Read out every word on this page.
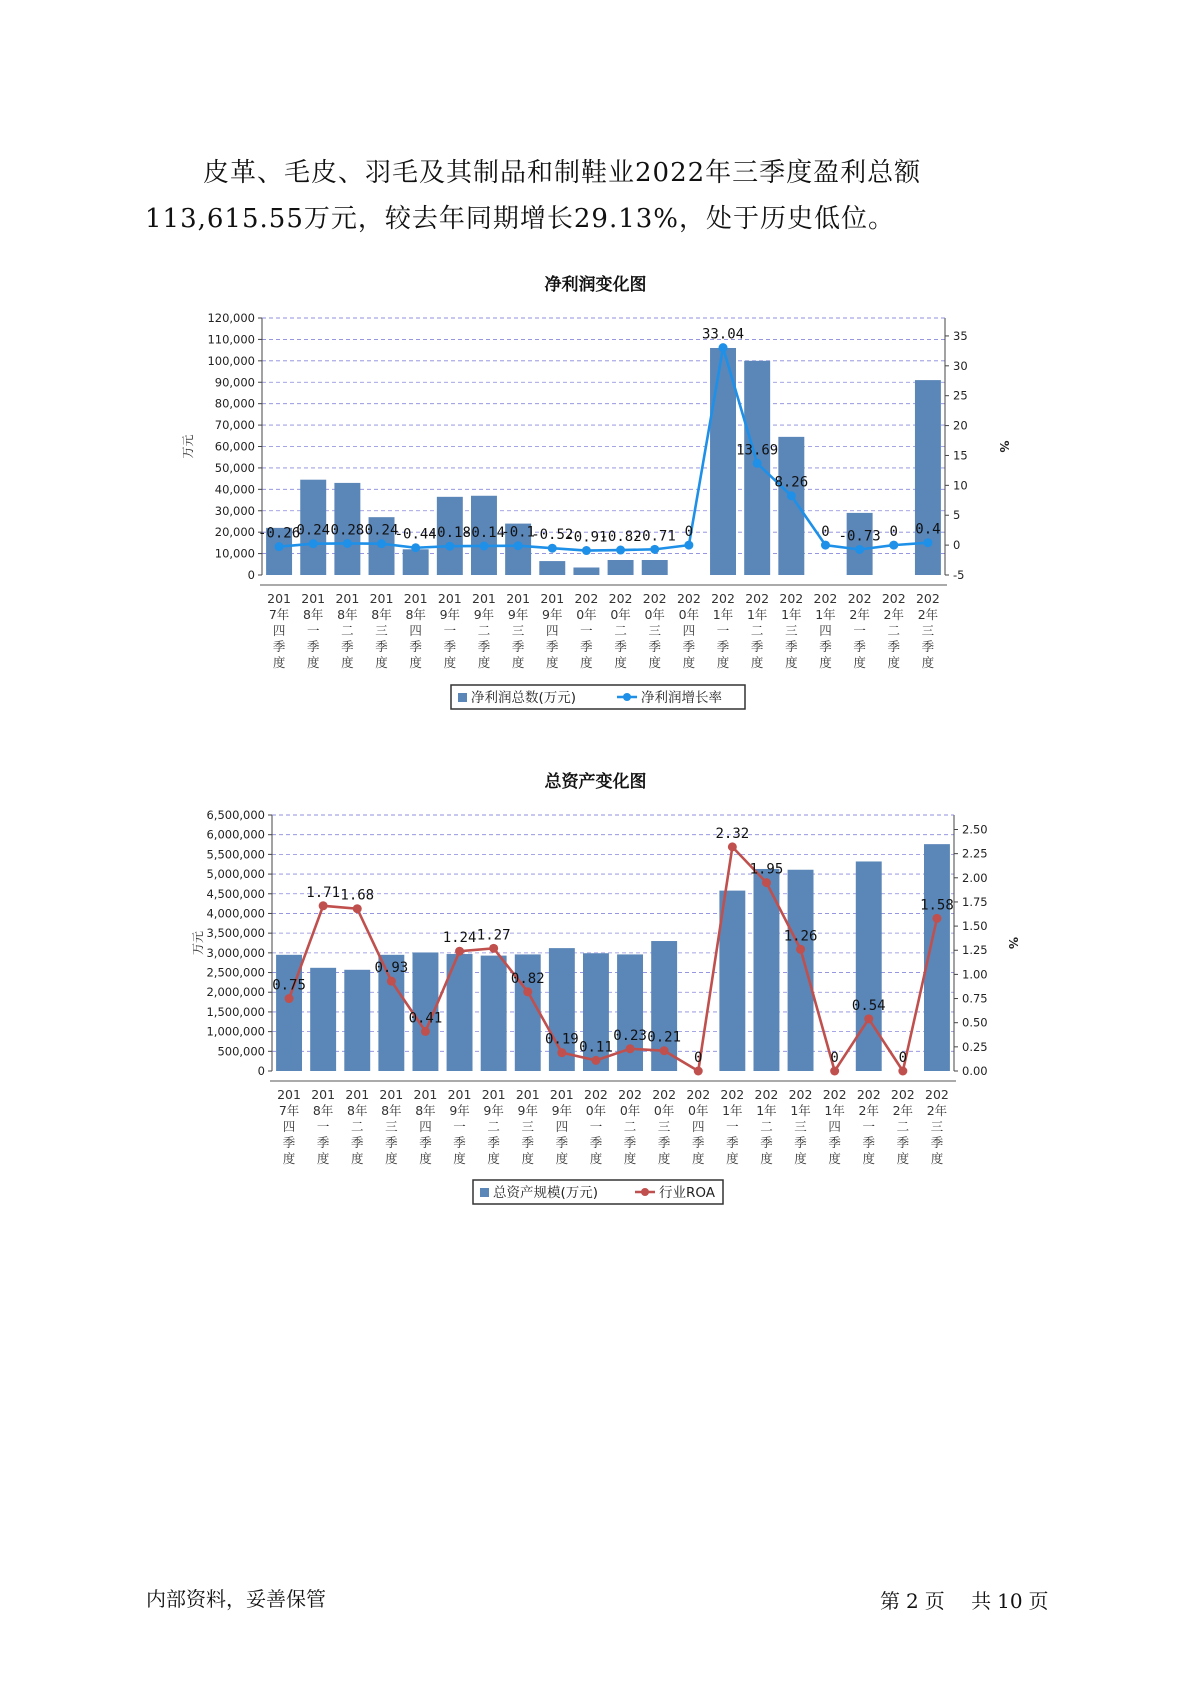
皮革、毛皮、羽毛及其制品和制鞋业2022年三季度盈利总额113,615.55万元，较去年同期增长29.13%，处于历史低位。

净利润变化图
0
10,000
20,000
30,000
40,000
50,000
60,000
70,000
80,000
90,000
100,000
110,000
120,000
-5
0
5
10
15
20
25
30
35
万元	%
201
7年
四
季
度
201
8年
一
季
度
201
8年
二
季
度
201
8年
三
季
度
201
8年
四
季
度
201
9年
一
季
度
201
9年
二
季
度
201
9年
三
季
度
201
9年
四
季
度
202
0年
一
季
度
202
0年
二
季
度
202
0年
三
季
度
202
0年
四
季
度
202
1年
一
季
度
202
1年
二
季
度
202
1年
三
季
度
202
1年
四
季
度
202
2年
一
季
度
202
2年
二
季
度
202
2年
三
季
度
-0.26
0.24 0.28 0.24
-0.44
-0.18
-0.14
-0.1
-0.52
-0.91
-0.82
-0.71 0
33.04
13.69
8.26
0 -0.73 0 0.4
净利润总数(万元)	净利润增长率
总资产变化图
0
500,000
1,000,000
1,500,000
2,000,000
2,500,000
3,000,000
3,500,000
4,000,000
4,500,000
5,000,000
5,500,000
6,000,000
6,500,000
0.00
0.25
0.50
0.75
1.00
1.25
1.50
1.75
2.00
2.25
2.50
万元	%
201
7年
四
季
度
201
8年
一
季
度
201
8年
二
季
度
201
8年
三
季
度
201
8年
四
季
度
201
9年
一
季
度
201
9年
二
季
度
201
9年
三
季
度
201
9年
四
季
度
202
0年
一
季
度
202
0年
二
季
度
202
0年
三
季
度
202
0年
四
季
度
202
1年
一
季
度
202
1年
二
季
度
202
1年
三
季
度
202
1年
四
季
度
202
2年
一
季
度
202
2年
二
季
度
202
2年
三
季
度
0.75
1.71 1.68
0.93
0.41
1.24 1.27
0.82
0.19 0.11
0.23 0.21
0
2.32
1.95
1.26
0
0.54
0
1.58
总资产规模(万元)	行业ROA
内部资料，妥善保管	第 2 页 共 10 页
